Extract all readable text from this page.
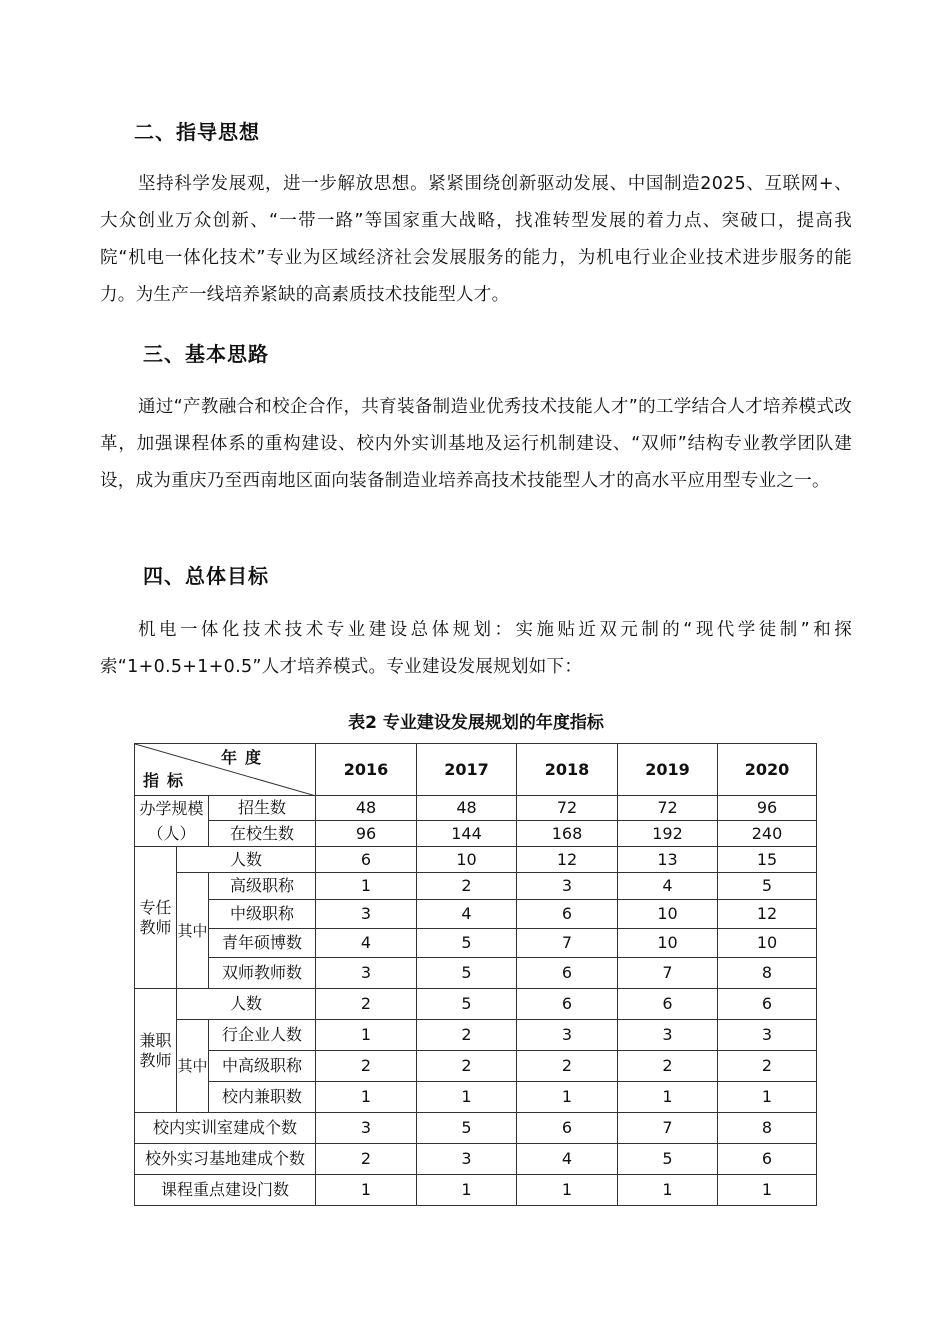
二、指导思想

坚持科学发展观，进一步解放思想。紧紧围绕创新驱动发展、中国制造2025、互联网+、大众创业万众创新、“一带一路”等国家重大战略，找准转型发展的着力点、突破口，提高我院“机电一体化技术”专业为区域经济社会发展服务的能力，为机电行业企业技术进步服务的能力。为生产一线培养紧缺的高素质技术技能型人才。

三、基本思路

通过“产教融合和校企合作，共育装备制造业优秀技术技能人才”的工学结合人才培养模式改革，加强课程体系的重构建设、校内外实训基地及运行机制建设、“双师”结构专业教学团队建设，成为重庆乃至西南地区面向装备制造业培养高技术技能型人才的高水平应用型专业之一。

四、总体目标

机电一体化技术技术专业建设总体规划：实施贴近双元制的“现代学徒制”和探索“1+0.5+1+0.5”人才培养模式。专业建设发展规划如下：

表2 专业建设发展规划的年度指标
年度
指标			2016	2017	2018	2019	2020
办学规模（人）		招生数	48	48	72	72	96
		在校生数	96	144	168	192	240
专任教师	人数		6	10	12	13	15
	其中	高级职称	1	2	3	4	5
		中级职称	3	4	6	10	12
		青年硕博数	4	5	7	10	10
		双师教师数	3	5	6	7	8
兼职教师	人数		2	5	6	6	6
	其中	行企业人数	1	2	3	3	3
		中高级职称	2	2	2	2	2
		校内兼职数	1	1	1	1	1
校内实训室建成个数			3	5	6	7	8
校外实习基地建成个数			2	3	4	5	6
课程重点建设门数			1	1	1	1	1
